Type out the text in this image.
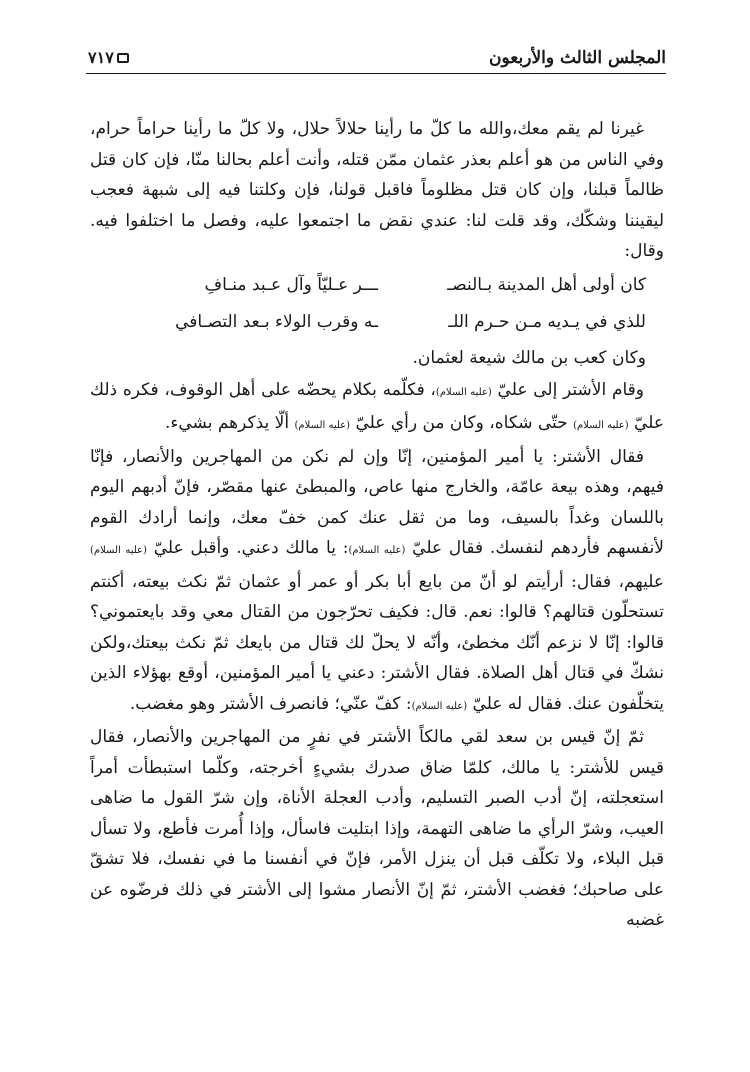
المجلس الثالث والأربعون
٧١٧

غيرنا لم يقم معك،والله ما كلّ ما رأينا حلالاً حلال، ولا كلّ ما رأينا حراماً حرام، وفي الناس من هو أعلم بعذر عثمان ممّن قتله، وأنت أعلم بحالنا منّا، فإن كان قتل ظالماً قبلنا، وإن كان قتل مظلوماً فاقبل قولنا، فإن وكلتنا فيه إلى شبهة فعجب ليقيننا وشكّك، وقد قلت لنا: عندي نقض ما اجتمعوا عليه، وفصل ما اختلفوا فيه. وقال:

كان أولى أهل المدينة بـالنصـ
ـــر عـليّاً وآل عـبد منـافِ
للذي في يـديه مـن حـرم اللـ
ـه وقرب الولاء بـعد التصـافي
وكان كعب بن مالك شيعة لعثمان.

وقام الأشتر إلى عليّ (عليه السلام)، فكلّمه بكلام يحضّه على أهل الوقوف، فكره ذلك عليّ (عليه السلام) حتّى شكاه، وكان من رأي عليّ (عليه السلام) ألّا يذكرهم بشيء.

فقال الأشتر: يا أمير المؤمنين، إنّا وإن لم نكن من المهاجرين والأنصار، فإنّا فيهم، وهذه بيعة عامّة، والخارج منها عاص، والمبطئ عنها مقصّر، فإنّ أدبهم اليوم باللسان وغداً بالسيف، وما من ثقل عنك كمن خفّ معك، وإنما أرادك القوم لأنفسهم فأردهم لنفسك. فقال عليّ (عليه السلام): يا مالك دعني. وأقبل عليّ (عليه السلام) عليهم، فقال: أرأيتم لو أنّ من بايع أبا بكر أو عمر أو عثمان ثمّ نكث بيعته، أكنتم تستحلّون قتالهم؟ قالوا: نعم. قال: فكيف تحرّجون من القتال معي وقد بايعتموني؟ قالوا: إنّا لا نزعم أنّك مخطئ، وأنّه لا يحلّ لك قتال من بايعك ثمّ نكث بيعتك،ولكن نشكّ في قتال أهل الصلاة. فقال الأشتر: دعني يا أمير المؤمنين، أوقع بهؤلاء الذين يتخلّفون عنك. فقال له عليّ (عليه السلام): كفّ عنّي؛ فانصرف الأشتر وهو مغضب.

ثمّ إنّ قيس بن سعد لقي مالكاً الأشتر في نفرٍ من المهاجرين والأنصار، فقال قيس للأشتر: يا مالك، كلمّا ضاق صدرك بشيءٍ أخرجته، وكلّما استبطأت أمراً استعجلته، إنّ أدب الصبر التسليم، وأدب العجلة الأناة، وإن شرّ القول ما ضاهى العيب، وشرّ الرأي ما ضاهى التهمة، وإذا ابتليت فاسأل، وإذا أُمرت فأطع، ولا تسأل قبل البلاء، ولا تكلّف قبل أن ينزل الأمر، فإنّ في أنفسنا ما في نفسك، فلا تشقّ على صاحبك؛ فغضب الأشتر، ثمّ إنّ الأنصار مشوا إلى الأشتر في ذلك فرضّوه عن غضبه
